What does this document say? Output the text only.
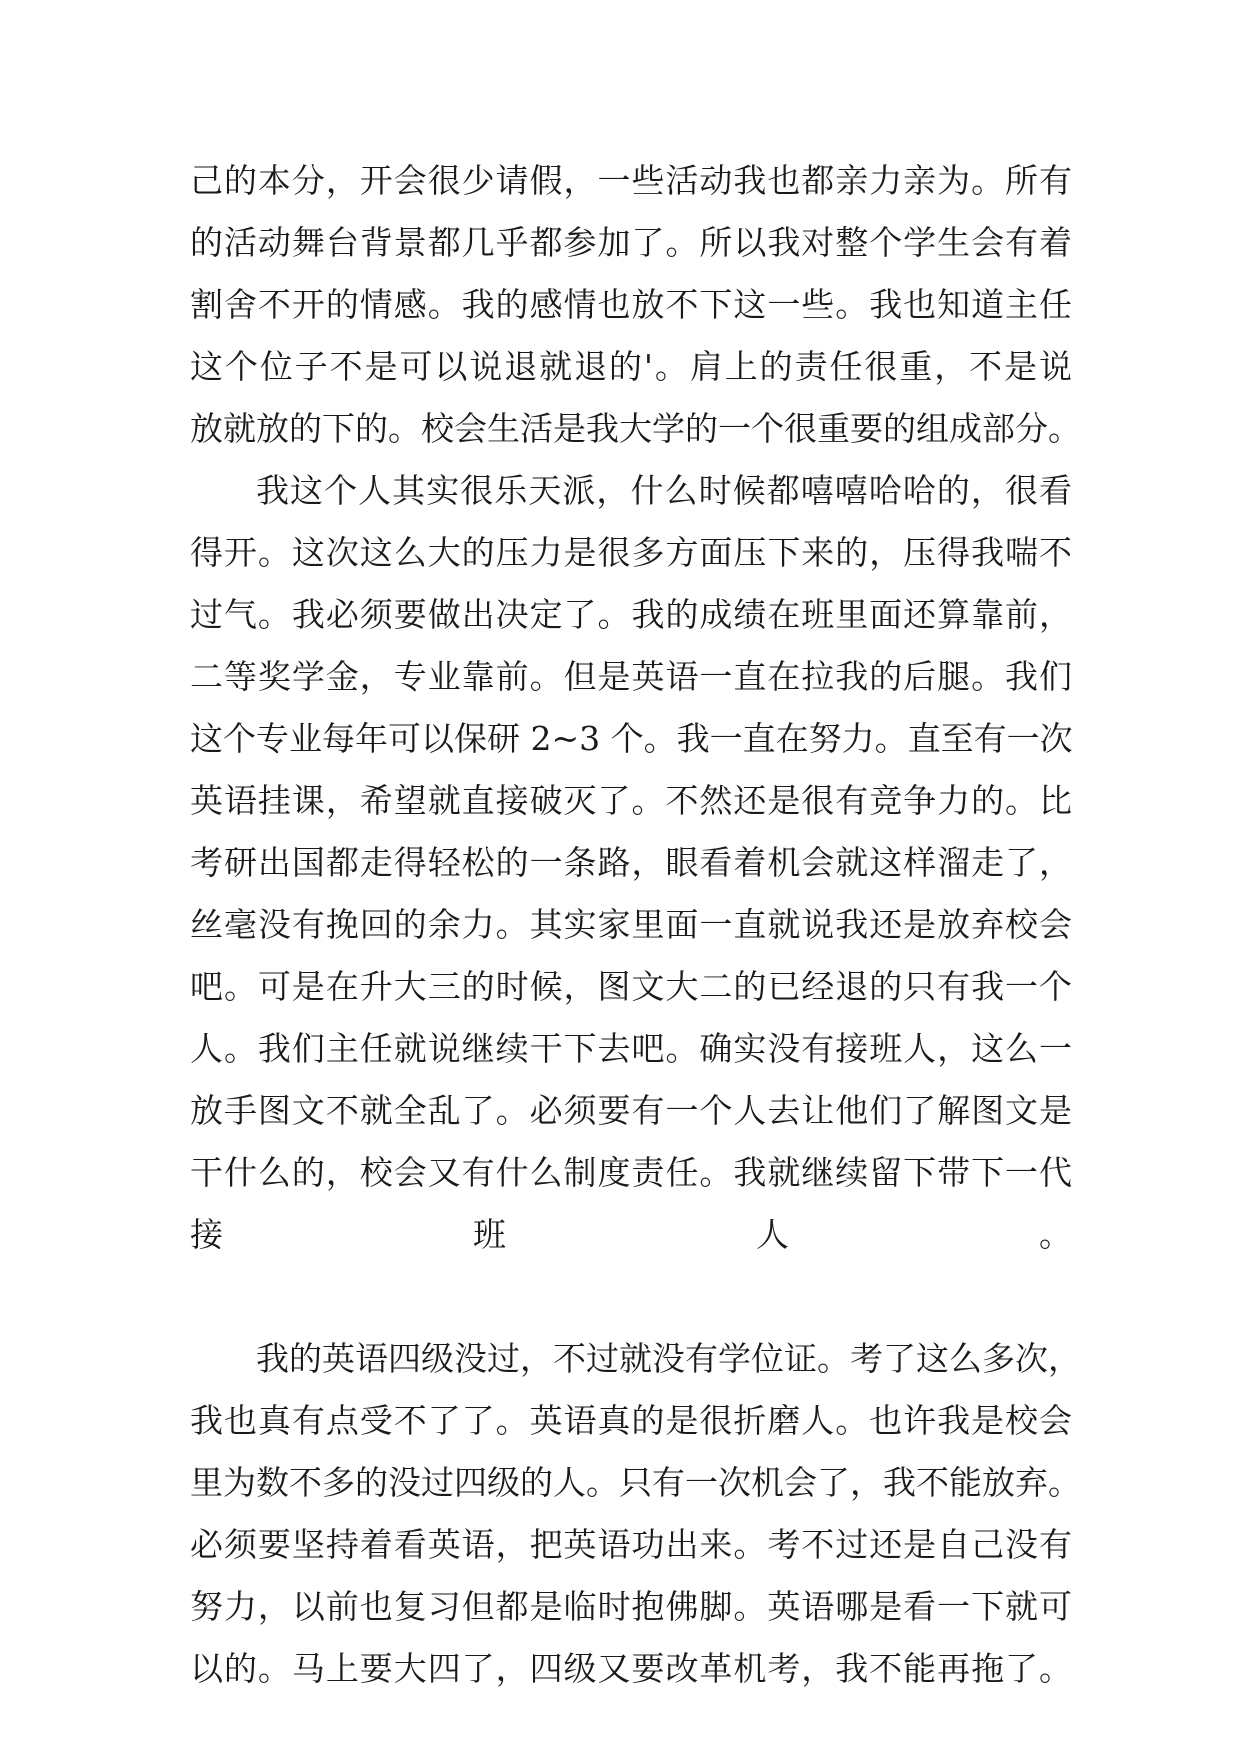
己的本分，开会很少请假，一些活动我也都亲力亲为。所有
的活动舞台背景都几乎都参加了。所以我对整个学生会有着
割舍不开的情感。我的感情也放不下这一些。我也知道主任
这个位子不是可以说退就退的'。肩上的责任很重，不是说
放就放的下的。校会生活是我大学的一个很重要的组成部分。
我这个人其实很乐天派，什么时候都嘻嘻哈哈的，很看
得开。这次这么大的压力是很多方面压下来的，压得我喘不
过气。我必须要做出决定了。我的成绩在班里面还算靠前，
二等奖学金，专业靠前。但是英语一直在拉我的后腿。我们
这个专业每年可以保研 2~3 个。我一直在努力。直至有一次
英语挂课，希望就直接破灭了。不然还是很有竞争力的。比
考研出国都走得轻松的一条路，眼看着机会就这样溜走了，
丝毫没有挽回的余力。其实家里面一直就说我还是放弃校会
吧。可是在升大三的时候，图文大二的已经退的只有我一个
人。我们主任就说继续干下去吧。确实没有接班人，这么一
放手图文不就全乱了。必须要有一个人去让他们了解图文是
干什么的，校会又有什么制度责任。我就继续留下带下一代
接班人。
我的英语四级没过，不过就没有学位证。考了这么多次，
我也真有点受不了了。英语真的是很折磨人。也许我是校会
里为数不多的没过四级的人。只有一次机会了，我不能放弃。
必须要坚持着看英语，把英语功出来。考不过还是自己没有
努力，以前也复习但都是临时抱佛脚。英语哪是看一下就可
以的。马上要大四了，四级又要改革机考，我不能再拖了。
